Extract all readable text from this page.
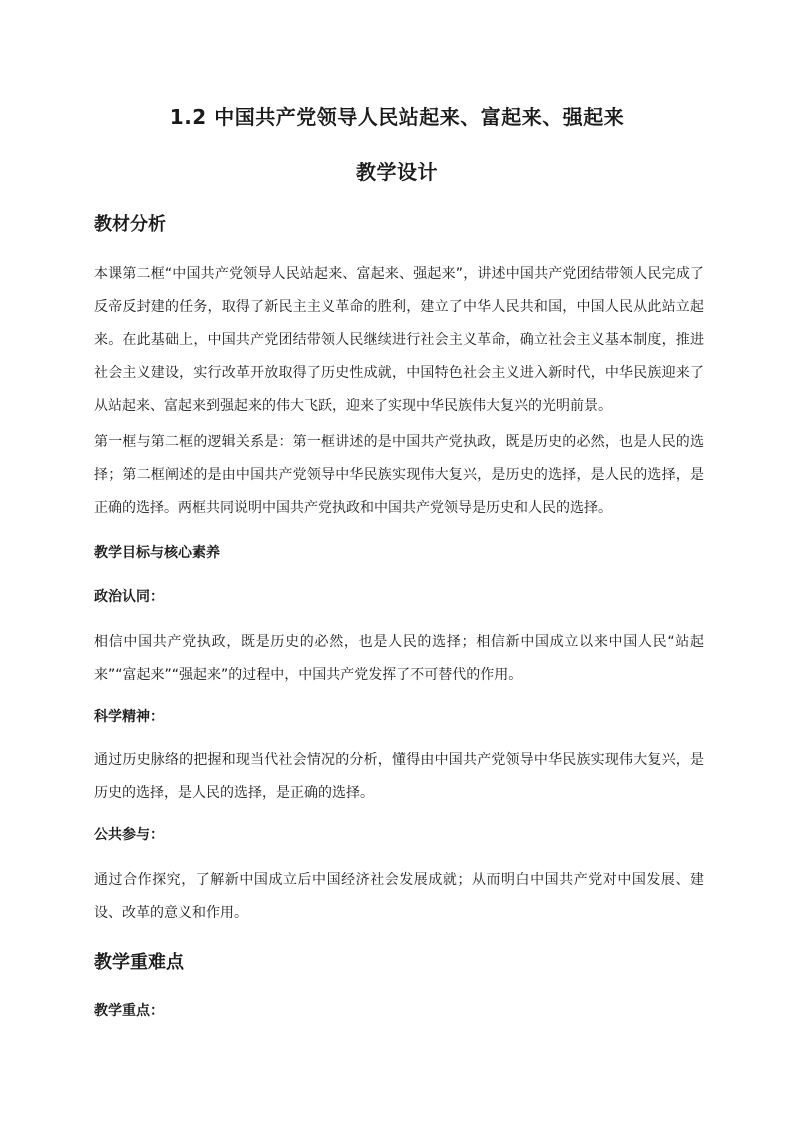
1.2 中国共产党领导人民站起来、富起来、强起来
教学设计
教材分析

本课第二框“中国共产党领导人民站起来、富起来、强起来”，讲述中国共产党团结带领人民完成了反帝反封建的任务，取得了新民主主义革命的胜利，建立了中华人民共和国，中国人民从此站立起来。在此基础上，中国共产党团结带领人民继续进行社会主义革命，确立社会主义基本制度，推进社会主义建设，实行改革开放取得了历史性成就，中国特色社会主义进入新时代，中华民族迎来了从站起来、富起来到强起来的伟大飞跃，迎来了实现中华民族伟大复兴的光明前景。

第一框与第二框的逻辑关系是：第一框讲述的是中国共产党执政，既是历史的必然，也是人民的选择；第二框阐述的是由中国共产党领导中华民族实现伟大复兴，是历史的选择，是人民的选择，是正确的选择。两框共同说明中国共产党执政和中国共产党领导是历史和人民的选择。

教学目标与核心素养
政治认同：

相信中国共产党执政，既是历史的必然，也是人民的选择；相信新中国成立以来中国人民“站起来”“富起来”“强起来”的过程中，中国共产党发挥了不可替代的作用。

科学精神：

通过历史脉络的把握和现当代社会情况的分析，懂得由中国共产党领导中华民族实现伟大复兴，是历史的选择，是人民的选择，是正确的选择。

公共参与：

通过合作探究，了解新中国成立后中国经济社会发展成就；从而明白中国共产党对中国发展、建设、改革的意义和作用。

教学重难点
教学重点：
